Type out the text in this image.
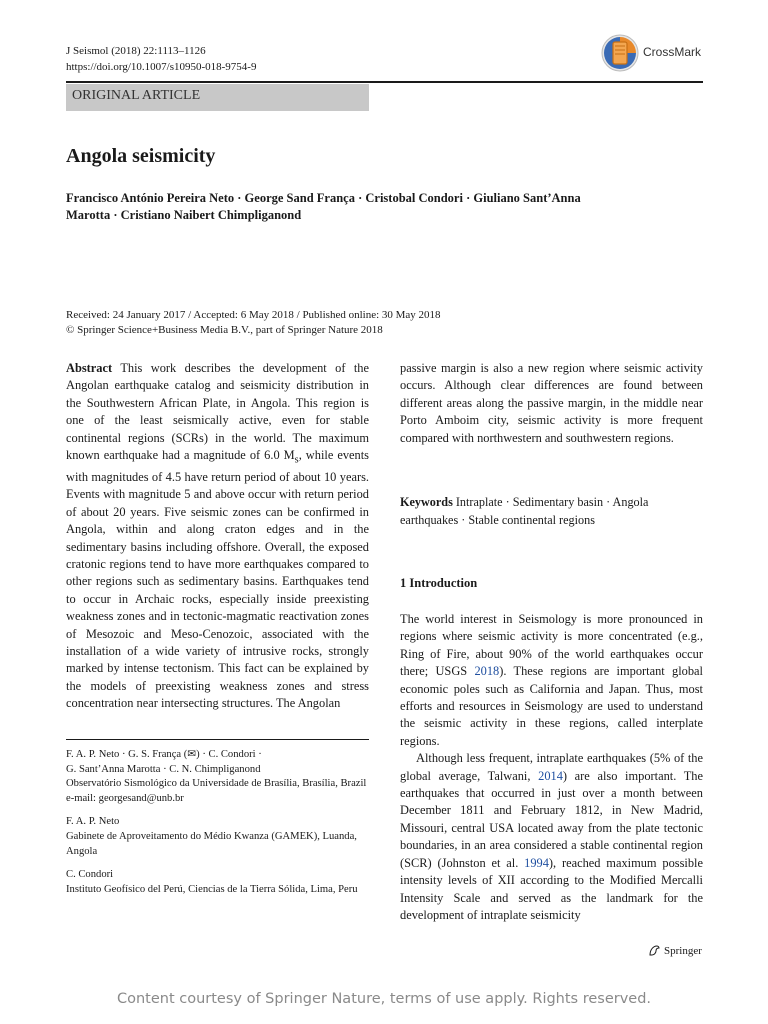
J Seismol (2018) 22:1113–1126
https://doi.org/10.1007/s10950-018-9754-9
CrossMark
ORIGINAL ARTICLE
Angola seismicity
Francisco António Pereira Neto · George Sand França · Cristobal Condori · Giuliano Sant’Anna
Marotta · Cristiano Naibert Chimpliganond
Received: 24 January 2017 / Accepted: 6 May 2018 / Published online: 30 May 2018
© Springer Science+Business Media B.V., part of Springer Nature 2018
Abstract This work describes the development of the Angolan earthquake catalog and seismicity distribution in the Southwestern African Plate, in Angola. This region is one of the least seismically active, even for stable continental regions (SCRs) in the world. The maximum known earthquake had a magnitude of 6.0 $M_s$, while events with magnitudes of 4.5 have return period of about 10 years. Events with magnitude 5 and above occur with return period of about 20 years. Five seismic zones can be confirmed in Angola, within and along craton edges and in the sedimentary basins including offshore. Overall, the exposed cratonic regions tend to have more earthquakes compared to other regions such as sedimentary basins. Earthquakes tend to occur in Archaic rocks, especially inside preexisting weakness zones and in tectonic-magmatic reactivation zones of Mesozoic and Meso-Cenozoic, associated with the installation of a wide variety of intrusive rocks, strongly marked by intense tectonism. This fact can be explained by the models of preexisting weakness zones and stress concentration near intersecting structures. The Angolan
passive margin is also a new region where seismic activity occurs. Although clear differences are found between different areas along the passive margin, in the middle near Porto Amboim city, seismic activity is more frequent compared with northwestern and southwestern regions.
Keywords Intraplate · Sedimentary basin · Angola earthquakes · Stable continental regions
1 Introduction

The world interest in Seismology is more pronounced in regions where seismic activity is more concentrated (e.g., Ring of Fire, about 90% of the world earthquakes occur there; USGS 2018). These regions are important global economic poles such as California and Japan. Thus, most efforts and resources in Seismology are used to understand the seismic activity in these regions, called interplate regions.

Although less frequent, intraplate earthquakes (5% of the global average, Talwani, 2014) are also important. The earthquakes that occurred in just over a month between December 1811 and February 1812, in New Madrid, Missouri, central USA located away from the plate tectonic boundaries, in an area considered a stable continental region (SCR) (Johnston et al. 1994), reached maximum possible intensity levels of XII according to the Modified Mercalli Intensity Scale and served as the landmark for the development of intraplate seismicity

F. A. P. Neto · G. S. França (✉) · C. Condori ·
G. Sant’Anna Marotta · C. N. Chimpliganond
Observatório Sismológico da Universidade de Brasília, Brasília, Brazil
e-mail: georgesand@unb.br
F. A. P. Neto
Gabinete de Aproveitamento do Médio Kwanza (GAMEK), Luanda, Angola
C. Condori
Instituto Geofísico del Perú, Ciencias de la Tierra Sólida, Lima, Peru
Springer
Content courtesy of Springer Nature, terms of use apply. Rights reserved.
